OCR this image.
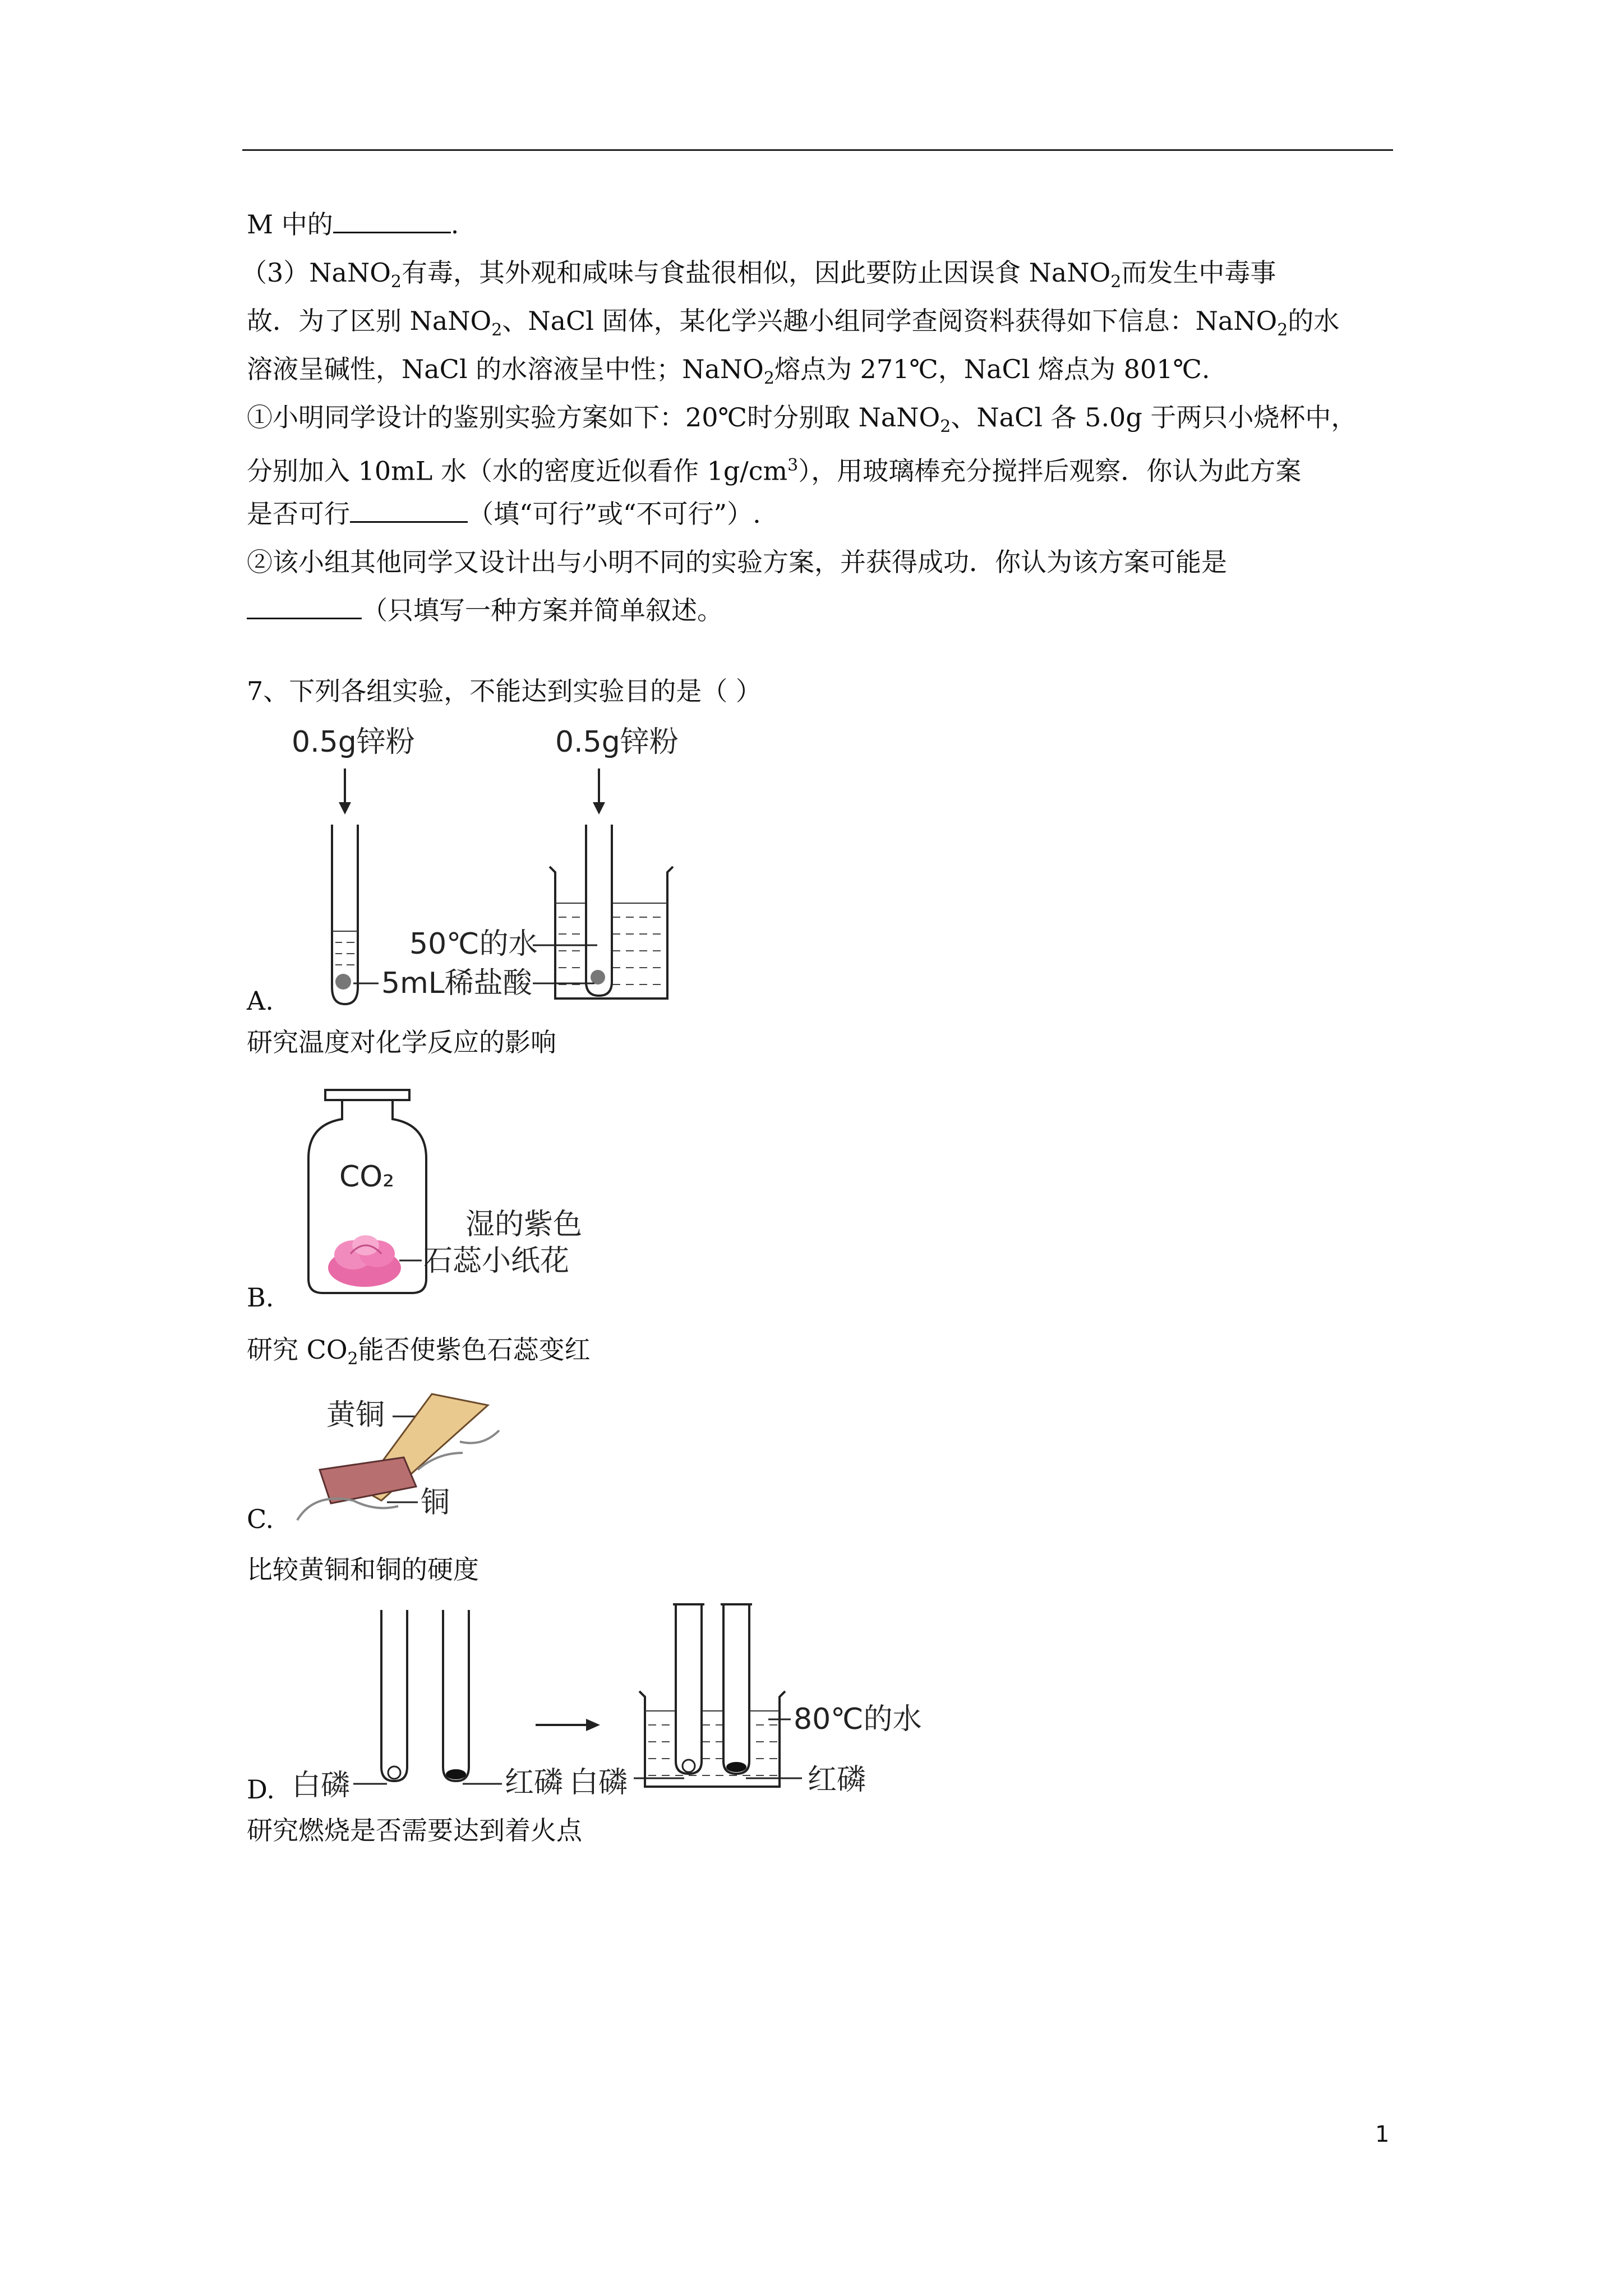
M 中的	.
（3）NaNO$_2$有毒，其外观和咸味与食盐很相似，因此要防止因误食 NaNO$_2$而发生中毒事
故．为了区别 NaNO$_2$、NaCl 固体，某化学兴趣小组同学查阅资料获得如下信息：NaNO$_2$的水
溶液呈碱性，NaCl 的水溶液呈中性；NaNO$_2$熔点为 271℃，NaCl 熔点为 801℃.
①小明同学设计的鉴别实验方案如下：20℃时分别取 NaNO$_2$、NaCl 各 5.0g 于两只小烧杯中，
分别加入 10mL 水（水的密度近似看作 $1g/cm^3$），用玻璃棒充分搅拌后观察．你认为此方案
是否可行	（填“可行”或“不可行”）.
②该小组其他同学又设计出与小明不同的实验方案，并获得成功．你认为该方案可能是
（只填写一种方案并简单叙述。
7、下列各组实验，不能达到实验目的是（ ）
0.5g锌粉	0.5g锌粉
50℃的水
5mL稀盐酸
A.
研究温度对化学反应的影响
CO₂
湿的紫色
石蕊小纸花
B.
研究 $CO_2$能否使紫色石蕊变红
黄铜
铜
C.
比较黄铜和铜的硬度
白磷	红磷 白磷
80℃的水
红磷
D.
研究燃烧是否需要达到着火点
1
